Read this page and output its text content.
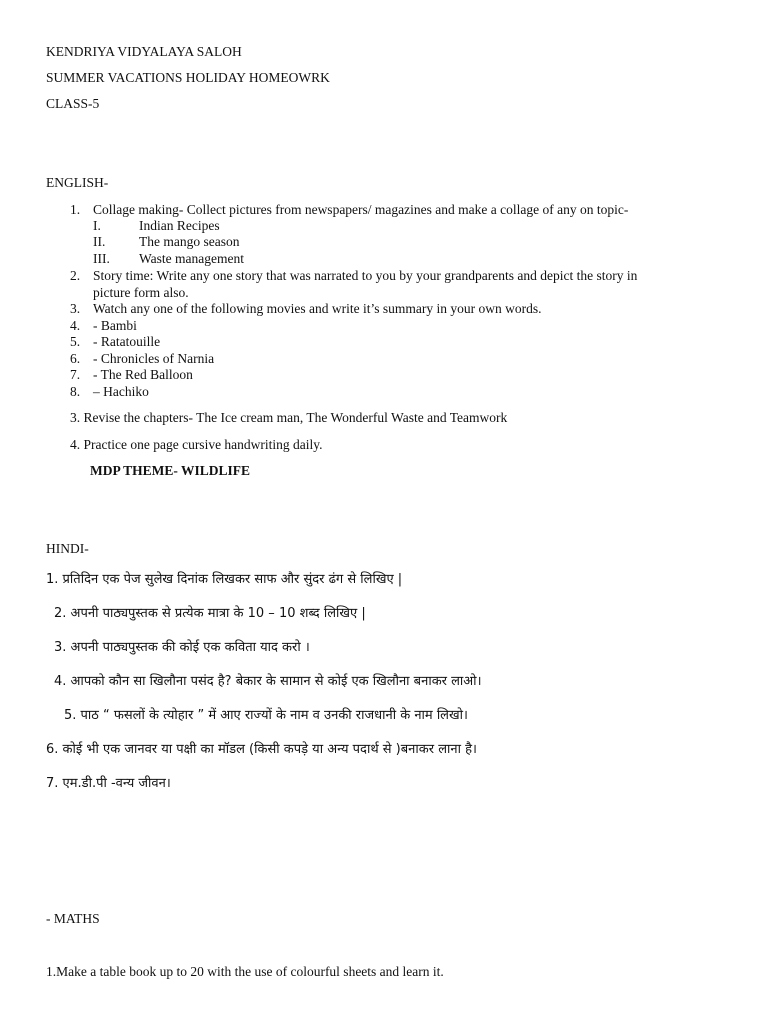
KENDRIYA VIDYALAYA SALOH

SUMMER VACATIONS HOLIDAY HOMEOWRK

CLASS-5

ENGLISH-

1. Collage making- Collect pictures from newspapers/ magazines and make a collage of any on topic-
I.	Indian Recipes
II. The mango season
III. Waste management
2. Story time: Write any one story that was narrated to you by your grandparents and depict the story in
picture form also.
3. Watch any one of the following movies and write it’s summary in your own words.
4. - Bambi
5. - Ratatouille
6. - Chronicles of Narnia
7. - The Red Balloon
8. – Hachiko

3. Revise the chapters- The Ice cream man, The Wonderful Waste and Teamwork

4. Practice one page cursive handwriting daily.

MDP THEME- WILDLIFE

HINDI-

1. प्रतिदिन एक पेज सुलेख दिनांक लिखकर साफ और सुंदर ढंग से लिखिए |

2. अपनी पाठ्यपुस्तक से प्रत्येक मात्रा के 10 – 10 शब्द लिखिए |

3. अपनी पाठ्यपुस्तक की कोई एक कविता याद करो ।

4. आपको कौन सा खिलौना पसंद है? बेकार के सामान से कोई एक खिलौना बनाकर लाओ।

5. पाठ “ फसलों के त्योहार ” में आए राज्यों के नाम व उनकी राजधानी के नाम लिखो।

6. कोई भी एक जानवर या पक्षी का मॉडल (किसी कपड़े या अन्य पदार्थ से )बनाकर लाना है।

7. एम.डी.पी -वन्य जीवन।

- MATHS

1.Make a table book up to 20 with the use of colourful sheets and learn it.
